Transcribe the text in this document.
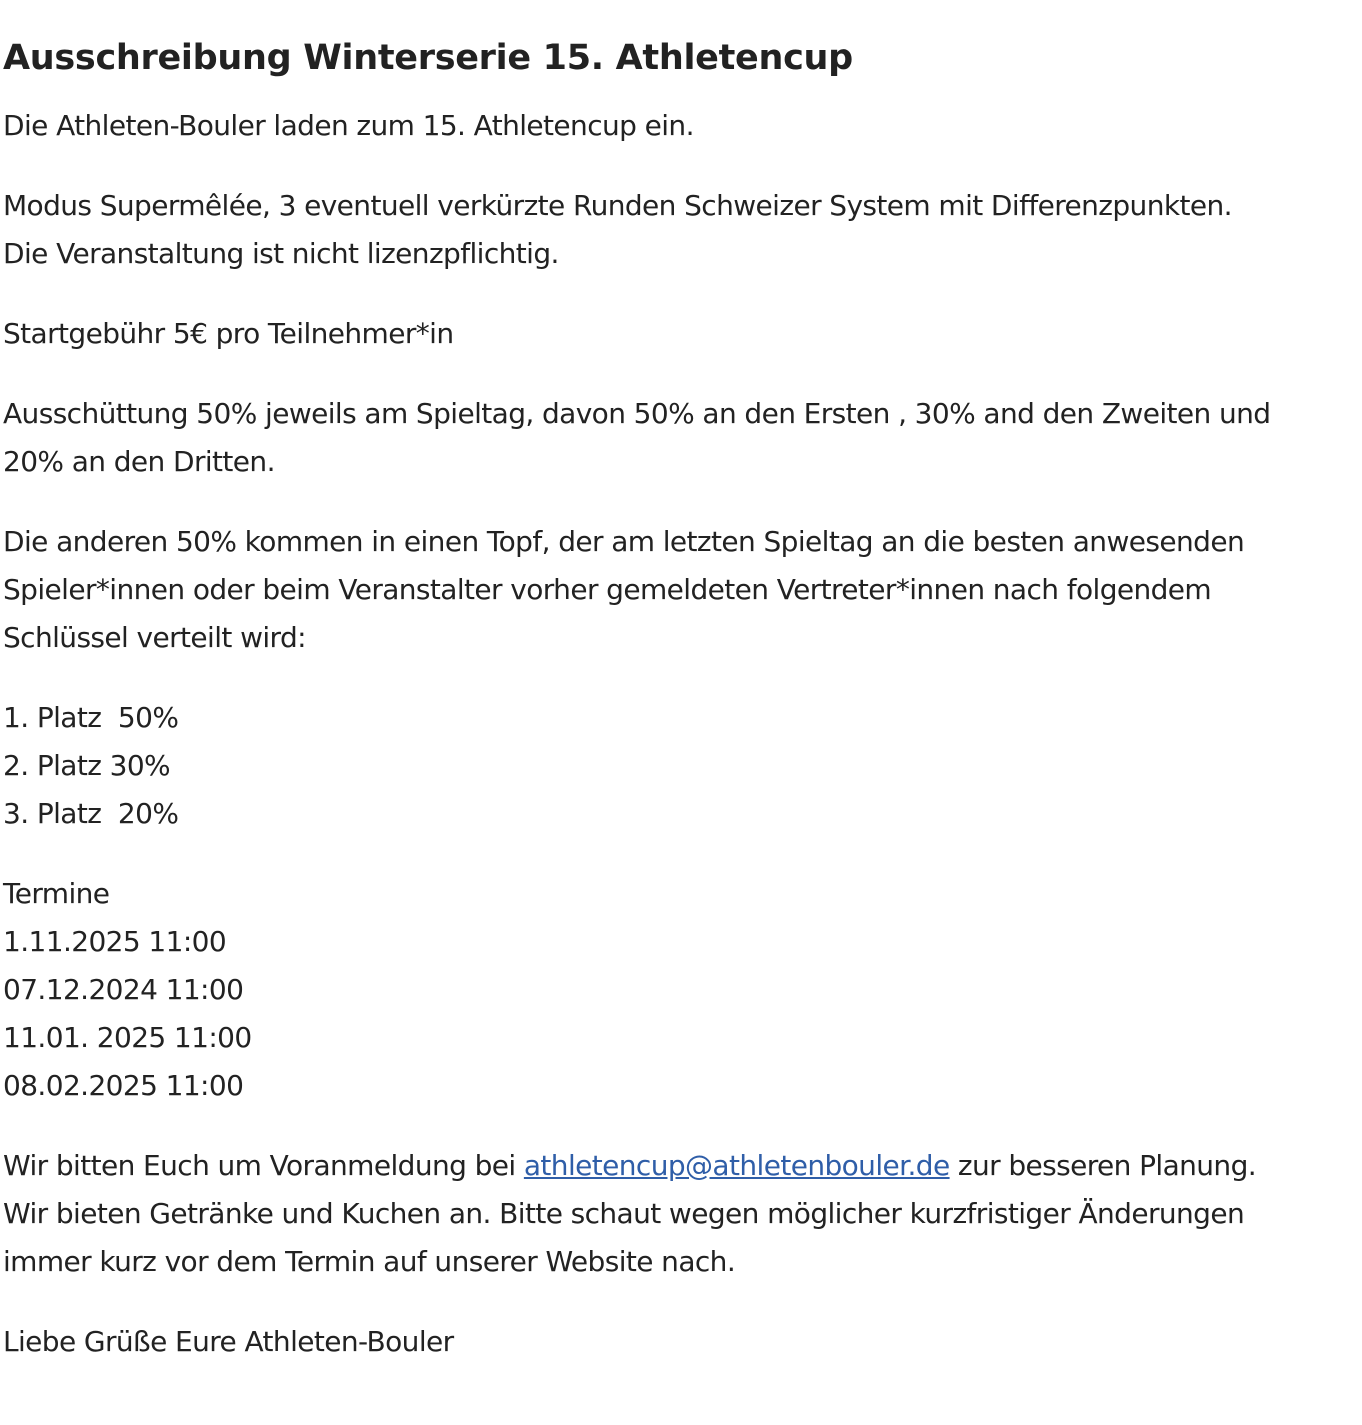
Ausschreibung Winterserie 15. Athletencup

Die Athleten-Bouler laden zum 15. Athletencup ein.

Modus Supermêlée, 3 eventuell verkürzte Runden Schweizer System mit Differenzpunkten.
Die Veranstaltung ist nicht lizenzpflichtig.

Startgebühr 5€ pro Teilnehmer*in

Ausschüttung 50% jeweils am Spieltag, davon 50% an den Ersten , 30% and den Zweiten und
20% an den Dritten.

Die anderen 50% kommen in einen Topf, der am letzten Spieltag an die besten anwesenden
Spieler*innen oder beim Veranstalter vorher gemeldeten Vertreter*innen nach folgendem
Schlüssel verteilt wird:

1. Platz  50%
2. Platz 30%
3. Platz  20%

Termine
1.11.2025 11:00
07.12.2024 11:00
11.01. 2025 11:00
08.02.2025 11:00

Wir bitten Euch um Voranmeldung bei athletencup@athletenbouler.de zur besseren Planung.
Wir bieten Getränke und Kuchen an. Bitte schaut wegen möglicher kurzfristiger Änderungen
immer kurz vor dem Termin auf unserer Website nach.

Liebe Grüße Eure Athleten-Bouler
